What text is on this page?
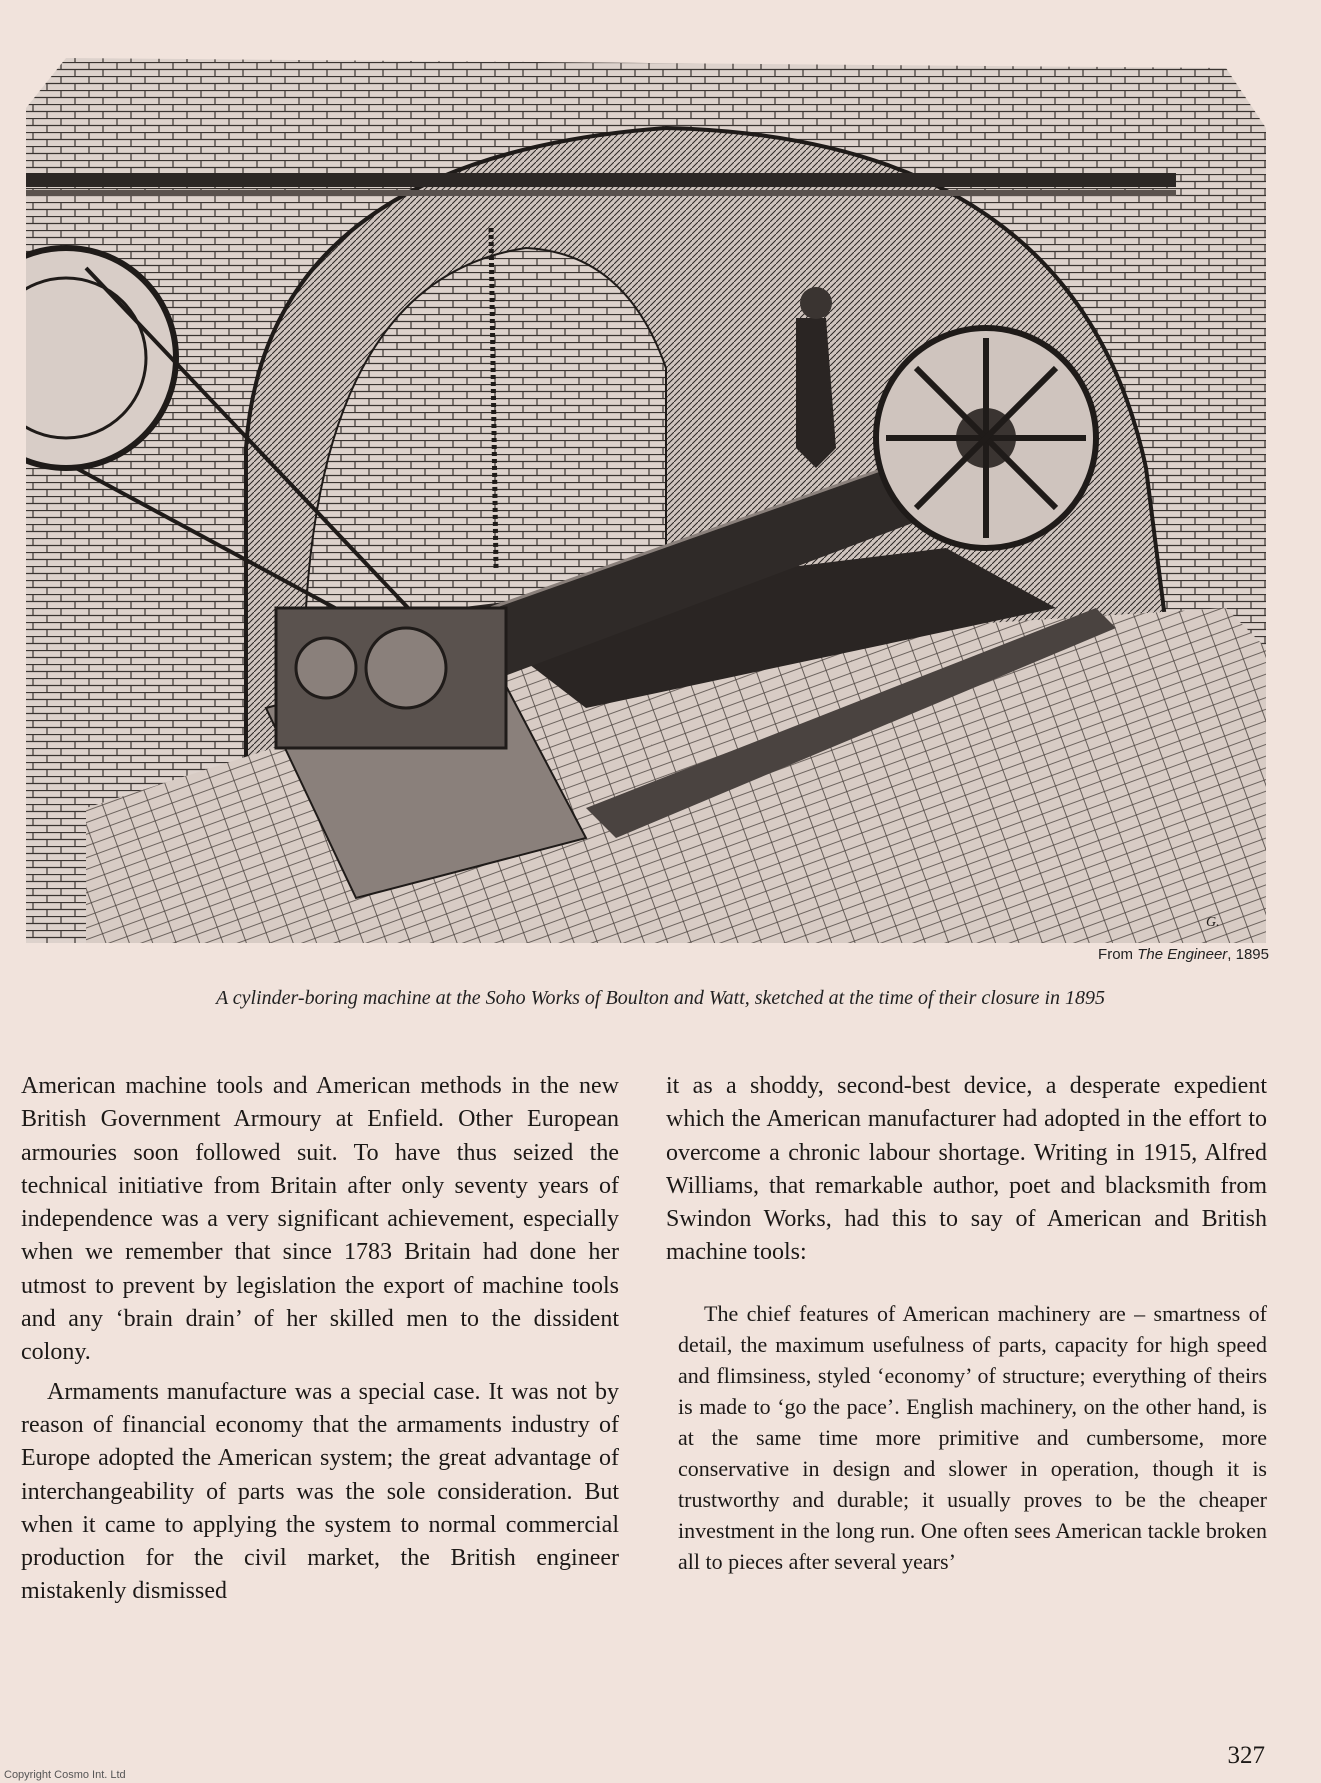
G.
From The Engineer, 1895
A cylinder-boring machine at the Soho Works of Boulton and Watt, sketched at the time of their closure in 1895

American machine tools and American methods in the new British Government Armoury at Enfield. Other European armouries soon followed suit. To have thus seized the technical initiative from Britain after only seventy years of independence was a very significant achievement, especially when we remember that since 1783 Britain had done her utmost to prevent by legislation the export of machine tools and any ‘brain drain’ of her skilled men to the dissident colony.

Armaments manufacture was a special case. It was not by reason of financial economy that the armaments industry of Europe adopted the American system; the great advantage of interchangeability of parts was the sole consideration. But when it came to applying the system to normal commercial production for the civil market, the British engineer mistakenly dismissed

it as a shoddy, second-best device, a desperate expedient which the American manufacturer had adopted in the effort to overcome a chronic labour shortage. Writing in 1915, Alfred Williams, that remarkable author, poet and blacksmith from Swindon Works, had this to say of American and British machine tools:

The chief features of American machinery are – smartness of detail, the maximum usefulness of parts, capacity for high speed and flimsiness, styled ‘economy’ of structure; everything of theirs is made to ‘go the pace’. English machinery, on the other hand, is at the same time more primitive and cumbersome, more conservative in design and slower in operation, though it is trustworthy and durable; it usually proves to be the cheaper investment in the long run. One often sees American tackle broken all to pieces after several years’

327
Copyright Cosmo Int. Ltd
